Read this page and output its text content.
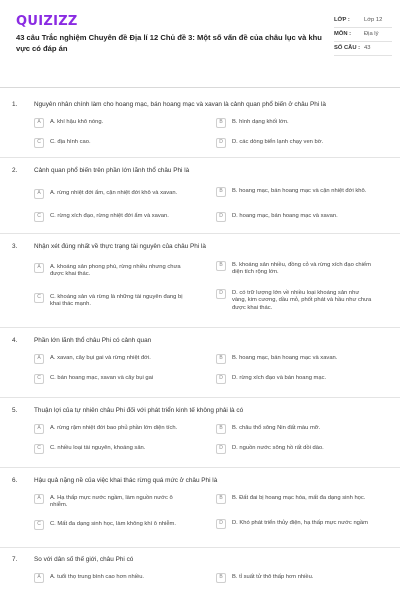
QUIZIZZ
43 câu Trắc nghiệm Chuyên đề Địa lí 12 Chủ đề 3: Một số vấn đề của châu lục và khu vực có đáp án
LỚP :	Lớp 12
MÔN :	Địa lý
SỐ CÂU : 43
1.	Nguyên nhân chính làm cho hoang mạc, bán hoang mạc và xavan là cảnh quan phổ biến ở châu Phi là
A	A. khí hậu khô nóng.	B	B. hình dạng khối lớn.
C	C. địa hình cao.	D	D. các dòng biển lạnh chạy ven bờ.
2.	Cảnh quan phổ biến trên phần lớn lãnh thổ châu Phi là
A	A. rừng nhiệt đới ẩm, cận nhiệt đới khô và xavan.	B	B. hoang mạc, bán hoang mạc và cận nhiệt đới khô.
C	C. rừng xích đạo, rừng nhiệt đới ẩm và xavan.	D	D. hoang mạc, bán hoang mạc và xavan.
3.	Nhận xét đúng nhất về thực trạng tài nguyên của châu Phi là
A	A. khoáng sản phong phú, rừng nhiều nhưng chưa được khai thác.
B	B. khoáng sản nhiều, đồng cỏ và rừng xích đạo chiếm diện tích rộng lớn.
C	C. khoáng sản và rừng là những tài nguyên đang bị khai thác mạnh.
D	D. có trữ lượng lớn về nhiều loại khoáng sản như vàng, kim cương, dầu mỏ, phốt phát và hầu như chưa được khai thác.
4.	Phần lớn lãnh thổ châu Phi có cảnh quan
A	A. xavan, cây bụi gai và rừng nhiệt đới.	B	B. hoang mạc, bán hoang mạc và xavan.
C	C. bán hoang mạc, xavan và cây bụi gai	D	D. rừng xích đạo và bán hoang mạc.
5.	Thuận lợi của tự nhiên châu Phi đối với phát triển kinh tế không phải là có
A	A. rừng rậm nhiệt đới bao phủ phần lớn diện tích.	B	B. châu thổ sông Nin đất màu mỡ.
C	C. nhiều loại tài nguyên, khoáng sản.	D	D. nguồn nước sông hồ rất dồi dào.
6.	Hậu quả nặng nề của việc khai thác rừng quá mức ở châu Phi là
A	A. Hạ thấp mực nước ngầm, làm nguồn nước ô nhiễm.
B	B. Đất đai bị hoang mạc hóa, mất đa dạng sinh học.
C	C. Mất đa dạng sinh học, làm không khí ô nhiễm.	D	D. Khó phát triển thủy điện, hạ thấp mực nước ngầm
7.	So với dân số thế giới, châu Phi có
A	A. tuổi thọ trung bình cao hơn nhiều.	B	B. tỉ suất tử thô thấp hơn nhiều.
